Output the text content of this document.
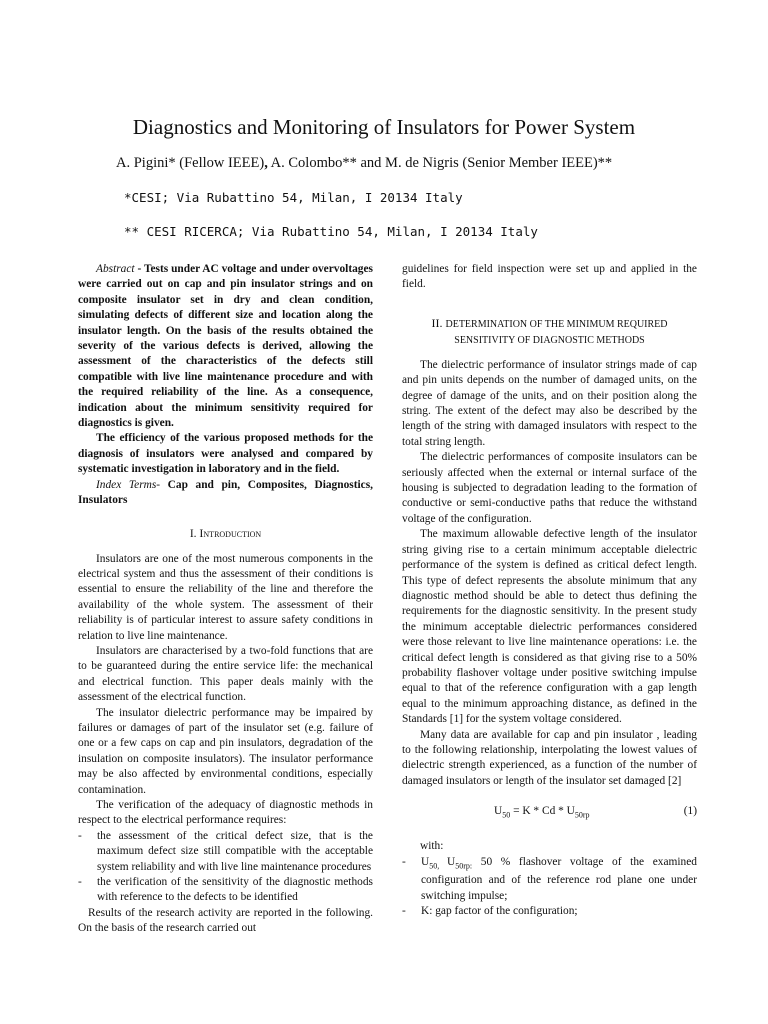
Diagnostics and Monitoring of Insulators for Power System
A. Pigini* (Fellow IEEE), A. Colombo** and M. de Nigris (Senior Member IEEE)**
*CESI; Via Rubattino 54, Milan, I 20134 Italy
** CESI RICERCA; Via Rubattino 54, Milan, I 20134 Italy

Abstract - Tests under AC voltage and under overvoltages were carried out on cap and pin insulator strings and on composite insulator set in dry and clean condition, simulating defects of different size and location along the insulator length. On the basis of the results obtained the severity of the various defects is derived, allowing the assessment of the characteristics of the defects still compatible with live line maintenance procedure and with the required reliability of the line. As a consequence, indication about the minimum sensitivity required for diagnostics is given.

The efficiency of the various proposed methods for the diagnosis of insulators were analysed and compared by systematic investigation in laboratory and in the field.

Index Terms- Cap and pin, Composites, Diagnostics, Insulators

I. Introduction

Insulators are one of the most numerous components in the electrical system and thus the assessment of their conditions is essential to ensure the reliability of the line and therefore the availability of the whole system. The assessment of their reliability is of particular interest to assure safety conditions in relation to live line maintenance.

Insulators are characterised by a two-fold functions that are to be guaranteed during the entire service life: the mechanical and electrical function. This paper deals mainly with the assessment of the electrical function.

The insulator dielectric performance may be impaired by failures or damages of part of the insulator set (e.g. failure of one or a few caps on cap and pin insulators, degradation of the insulation on composite insulators). The insulator performance may be also affected by environmental conditions, especially contamination.

The verification of the adequacy of diagnostic methods in respect to the electrical performance requires:

- the assessment of the critical defect size, that is the maximum defect size still compatible with the acceptable system reliability and with live line maintenance procedures
- the verification of the sensitivity of the diagnostic methods with reference to the defects to be identified

Results of the research activity are reported in the following. On the basis of the research carried out

guidelines for field inspection were set up and applied in the field.

II. DETERMINATION OF THE MINIMUM REQUIRED
SENSITIVITY OF DIAGNOSTIC METHODS

The dielectric performance of insulator strings made of cap and pin units depends on the number of damaged units, on the degree of damage of the units, and on their position along the string. The extent of the defect may also be described by the length of the string with damaged insulators with respect to the total string length.

The dielectric performances of composite insulators can be seriously affected when the external or internal surface of the housing is subjected to degradation leading to the formation of conductive or semi-conductive paths that reduce the withstand voltage of the configuration.

The maximum allowable defective length of the insulator string giving rise to a certain minimum acceptable dielectric performance of the system is defined as critical defect length. This type of defect represents the absolute minimum that any diagnostic method should be able to detect thus defining the requirements for the diagnostic sensitivity. In the present study the minimum acceptable dielectric performances considered were those relevant to live line maintenance operations: i.e. the critical defect length is considered as that giving rise to a 50% probability flashover voltage under positive switching impulse equal to that of the reference configuration with a gap length equal to the minimum approaching distance, as defined in the Standards [1] for the system voltage considered.

Many data are available for cap and pin insulator , leading to the following relationship, interpolating the lowest values of dielectric strength experienced, as a function of the number of damaged insulators or length of the insulator set damaged [2]

$U_{50} = K * Cd * U_{50rp}$	(1)

with:

- $U_{50,}$ $U_{50rp:}$ 50 % flashover voltage of the examined configuration and of the reference rod plane one under switching impulse;
- K: gap factor of the configuration;
